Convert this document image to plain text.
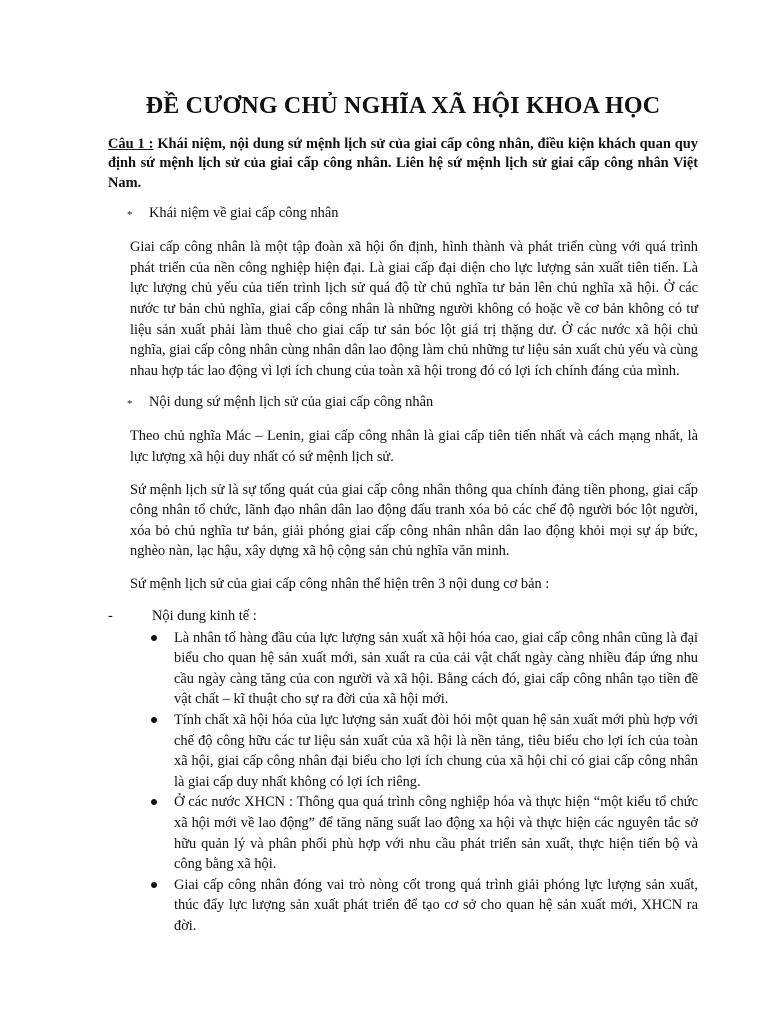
ĐỀ CƯƠNG CHỦ NGHĨA XÃ HỘI KHOA HỌC

Câu 1 : Khái niệm, nội dung sứ mệnh lịch sử của giai cấp công nhân, điều kiện khách quan quy định sứ mệnh lịch sử của giai cấp công nhân. Liên hệ sứ mệnh lịch sử giai cấp công nhân Việt Nam.

*	Khái niệm về giai cấp công nhân

Giai cấp công nhân là một tập đoàn xã hội ổn định, hình thành và phát triển cùng với quá trình phát triển của nền công nghiệp hiện đại. Là giai cấp đại diện cho lực lượng sản xuất tiên tiến. Là lực lượng chủ yếu của tiến trình lịch sử quá độ từ chủ nghĩa tư bản lên chủ nghĩa xã hội. Ở các nước tư bản chủ nghĩa, giai cấp công nhân là những người không có hoặc về cơ bản không có tư liệu sản xuất phải làm thuê cho giai cấp tư sản bóc lột giá trị thặng dư. Ở các nước xã hội chủ nghĩa, giai cấp công nhân cùng nhân dân lao động làm chủ những tư liệu sản xuất chủ yếu và cùng nhau hợp tác lao động vì lợi ích chung của toàn xã hội trong đó có lợi ích chính đáng của mình.

*	Nội dung sứ mệnh lịch sử của giai cấp công nhân

Theo chủ nghĩa Mác – Lenin, giai cấp công nhân là giai cấp tiên tiến nhất và cách mạng nhất, là lực lượng xã hội duy nhất có sứ mệnh lịch sử.

Sứ mệnh lịch sử là sự tổng quát của giai cấp công nhân thông qua chính đảng tiền phong, giai cấp công nhân tổ chức, lãnh đạo nhân dân lao động đấu tranh xóa bỏ các chế độ người bóc lột người, xóa bỏ chủ nghĩa tư bản, giải phóng giai cấp công nhân nhân dân lao động khỏi mọi sự áp bức, nghèo nàn, lạc hậu, xây dựng xã hộ cộng sản chủ nghĩa văn minh.

Sứ mệnh lịch sử của giai cấp công nhân thể hiện trên 3 nội dung cơ bản :

-	Nội dung kinh tế :
Là nhân tố hàng đầu của lực lượng sản xuất xã hội hóa cao, giai cấp công nhân cũng là đại biểu cho quan hệ sản xuất mới, sản xuất ra của cải vật chất ngày càng nhiều đáp ứng nhu cầu ngày càng tăng của con người và xã hội. Bằng cách đó, giai cấp công nhân tạo tiền đề vật chất – kĩ thuật cho sự ra đời của xã hội mới.
Tính chất xã hội hóa của lực lượng sản xuất đòi hỏi một quan hệ sản xuất mới phù hợp với chế độ công hữu các tư liệu sản xuất của xã hội là nền tảng, tiêu biểu cho lợi ích của toàn xã hội, giai cấp công nhân đại biểu cho lợi ích chung của xã hội chỉ có giai cấp công nhân là giai cấp duy nhất không có lợi ích riêng.
Ở các nước XHCN : Thông qua quá trình công nghiệp hóa và thực hiện “một kiểu tổ chức xã hội mới về lao động” để tăng năng suất lao động xa hội và thực hiện các nguyên tắc sở hữu quản lý và phân phối phù hợp với nhu cầu phát triển sản xuất, thực hiện tiến bộ và công bằng xã hội.
Giai cấp công nhân đóng vai trò nòng cốt trong quá trình giải phóng lực lượng sản xuất, thúc đẩy lực lượng sản xuất phát triển để tạo cơ sở cho quan hệ sản xuất mới, XHCN ra đời.
